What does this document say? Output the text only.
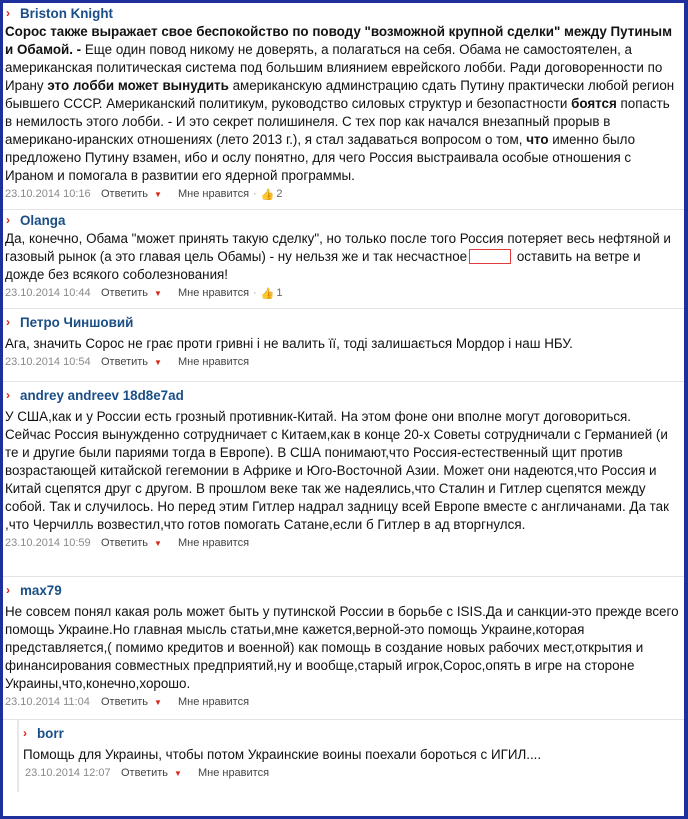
› Briston Knight

Сорос также выражает свое беспокойство по поводу "возможной крупной сделки" между Путиным и Обамой. - Еще один повод никому не доверять, а полагаться на себя. Обама не самостоятелен, а американская политическая система под большим влиянием еврейского лобби. Ради договоренности по Ирану это лобби может вынудить американскую админстрацию сдать Путину практически любой регион бывшего СССР. Американский политикум, руководство силовых структур и безопастности боятся попасть в немилость этого лобби. - И это секрет полишинеля. С тех пор как начался внезапный прорыв в американо-иранских отношениях (лето 2013 г.), я стал задаваться вопросом о том, что именно было предложено Путину взамен, ибо и ослу понятно, для чего Россия выстраивала особые отношения с Ираном и помогала в развитии его ядерной программы.

23.10.2014 10:16 Ответить ▼ Мне нравится · 👍 2
› Olanga

Да, конечно, Обама "может принять такую сделку", но только после того Россия потеряет весь нефтяной и газовый рынок (а это главая цель Обамы) - ну нельзя же и так несчастное	оставить на ветре и дожде без всякого соболезнования!

23.10.2014 10:44 Ответить ▼ Мне нравится · 👍 1
› Петро Чиншовий

Ага, значить Сорос не грає проти гривні і не валить її, тоді залишається Мордор і наш НБУ.

23.10.2014 10:54 Ответить ▼ Мне нравится
› andrey andreev 18d8e7ad

У США,как и у России есть грозный противник-Китай. На этом фоне они вполне могут договориться. Сейчас Россия вынужденно сотрудничает с Китаем,как в конце 20-х Советы сотрудничали с Германией (и те и другие были париями тогда в Европе). В США понимают,что Россия-естественный щит против возрастающей китайской гегемонии в Африке и Юго-Восточной Азии. Может они надеются,что Россия и Китай сцепятся друг с другом. В прошлом веке так же надеялись,что Сталин и Гитлер сцепятся между собой. Так и случилось. Но перед этим Гитлер надрал задницу всей Европе вместе с англичанами. Да так ,что Черчилль возвестил,что готов помогать Сатане,если б Гитлер в ад вторгнулся.

23.10.2014 10:59 Ответить ▼ Мне нравится
› max79

Не совсем понял какая роль может быть у путинской России в борьбе с ISIS.Да и санкции-это прежде всего помощь Украине.Но главная мысль статьи,мне кажется,верной-это помощь Украине,которая представляется,( помимо кредитов и военной) как помощь в создание новых рабочих мест,открытия и финансирования совместных предприятий,ну и вообще,старый игрок,Сорос,опять в игре на стороне Украины,что,конечно,хорошо.

23.10.2014 11:04	Ответить ▼ Мне нравится
› borr

Помощь для Украины, чтобы потом Украинские воины поехали бороться с ИГИЛ....

23.10.2014 12:07 Ответить ▼ Мне нравится
